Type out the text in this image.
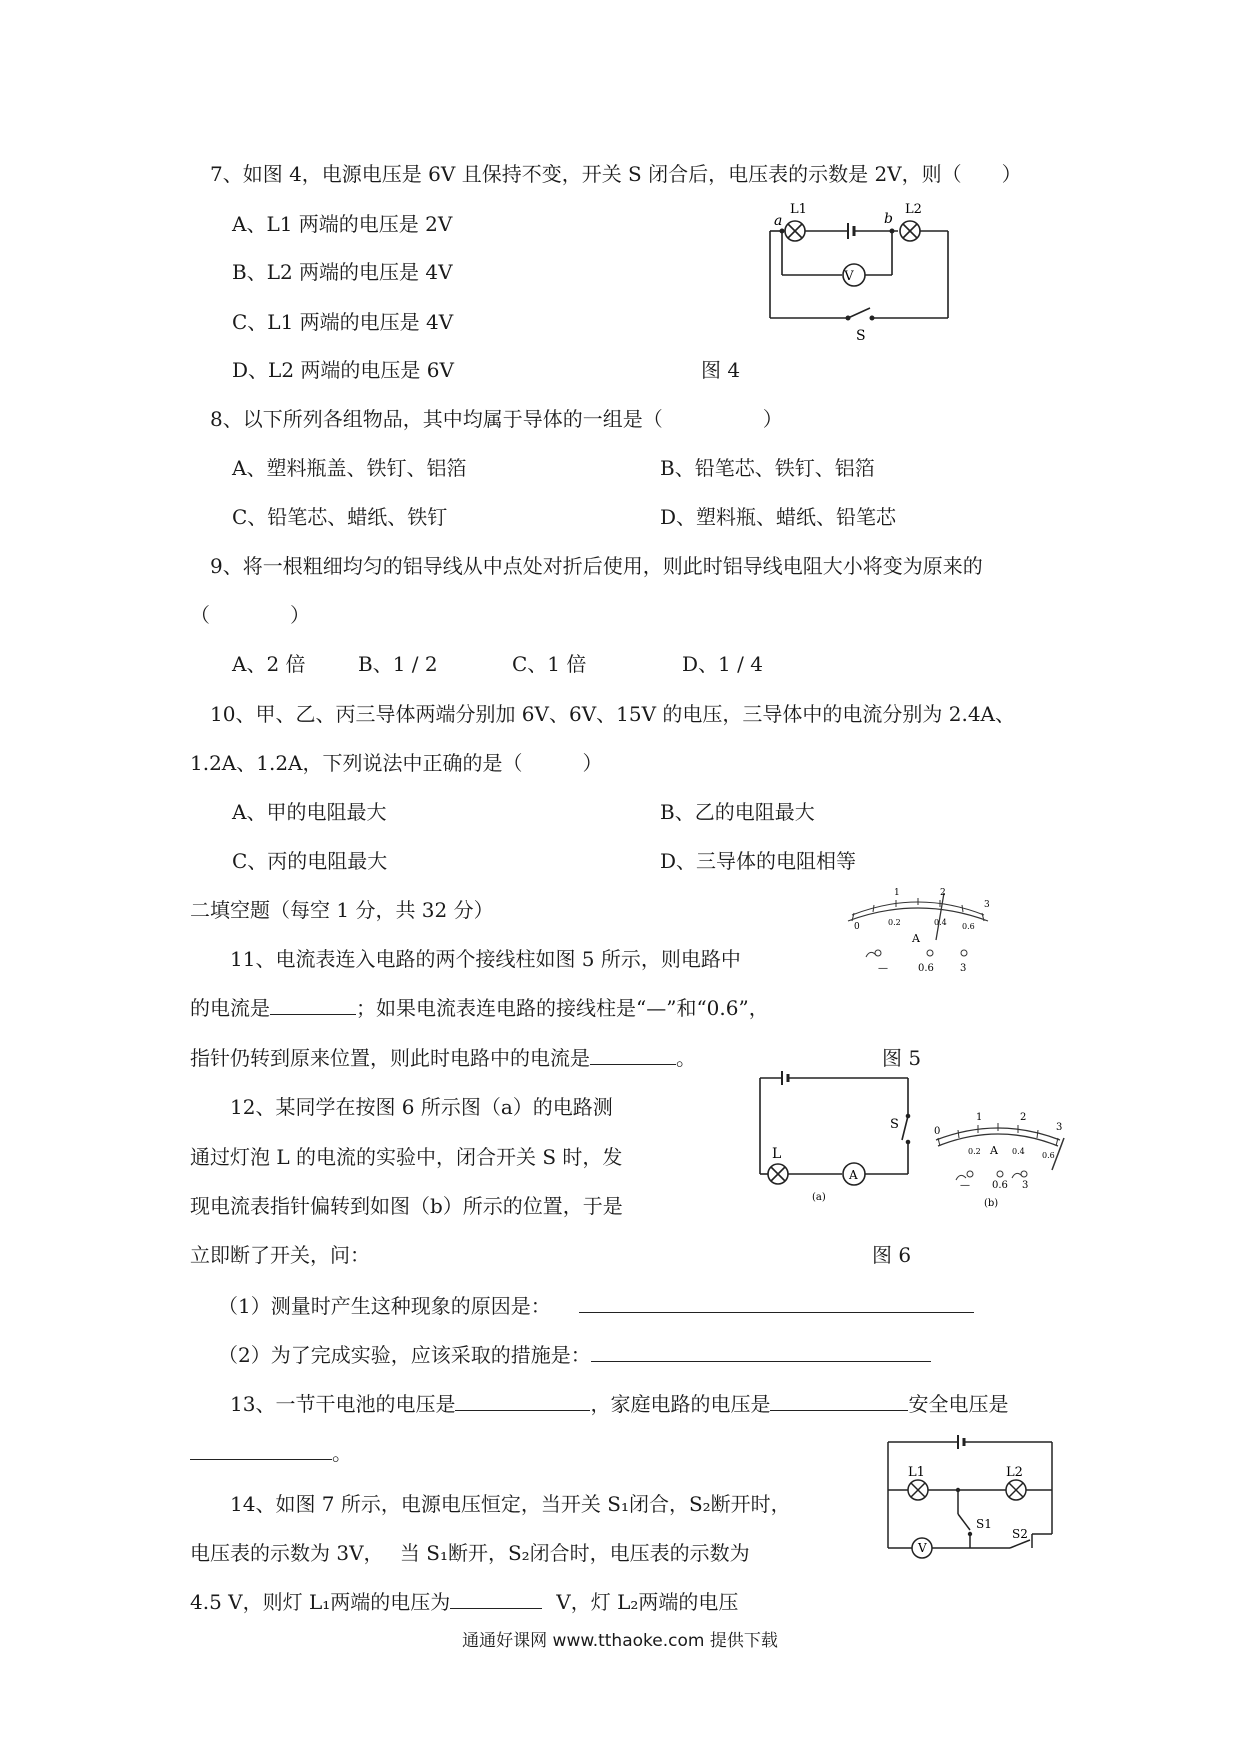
7、如图 4，电源电压是 6V 且保持不变，开关 S 闭合后，电压表的示数是 2V，则（　　）
A、L1 两端的电压是 2V
B、L2 两端的电压是 4V
C、L1 两端的电压是 4V
D、L2 两端的电压是 6V
V
a	b
L1	L2
S
图 4
8、以下所列各组物品，其中均属于导体的一组是（　　　　　）
A、塑料瓶盖、铁钉、铝箔	B、铅笔芯、铁钉、铝箔
C、铅笔芯、蜡纸、铁钉	D、塑料瓶、蜡纸、铅笔芯
9、将一根粗细均匀的铝导线从中点处对折后使用，则此时铝导线电阻大小将变为原来的
（　　　　）
A、2 倍	B、1 / 2	C、1 倍	D、1 / 4
10、甲、乙、丙三导体两端分别加 6V、6V、15V 的电压，三导体中的电流分别为 2.4A、
1.2A、1.2A，下列说法中正确的是（　　　）
A、甲的电阻最大	B、乙的电阻最大
C、丙的电阻最大	D、三导体的电阻相等
二填空题（每空 1 分，共 32 分）
11、电流表连入电路的两个接线柱如图 5 所示，则电路中
的电流是	；如果电流表连电路的接线柱是“—”和“0.6”，
指针仍转到原来位置，则此时电路中的电流是	。
0
1	2
3
0.2	0.4 0.6
A
—	0.6	3
图 5
12、某同学在按图 6 所示图（a）的电路测
通过灯泡 L 的电流的实验中，闭合开关 S 时，发
现电流表指针偏转到如图（b）所示的位置，于是
立即断了开关，问：
S
L
A
(a)
0
1	2
3
0.2	0.4 0.6
A
— 0.6 3
(b)
图 6
（1）测量时产生这种现象的原因是：
（2）为了完成实验，应该采取的措施是：
13、一节干电池的电压是	，家庭电路的电压是	安全电压是
。
14、如图 7 所示，电源电压恒定，当开关 S₁闭合，S₂断开时，
电压表的示数为 3V，　 当 S₁断开，S₂闭合时，电压表的示数为
4.5 V，则灯 L₁两端的电压为	V，灯 L₂两端的电压
V
L1	L2
S1
S2
通通好课网 www.tthaoke.com 提供下载
